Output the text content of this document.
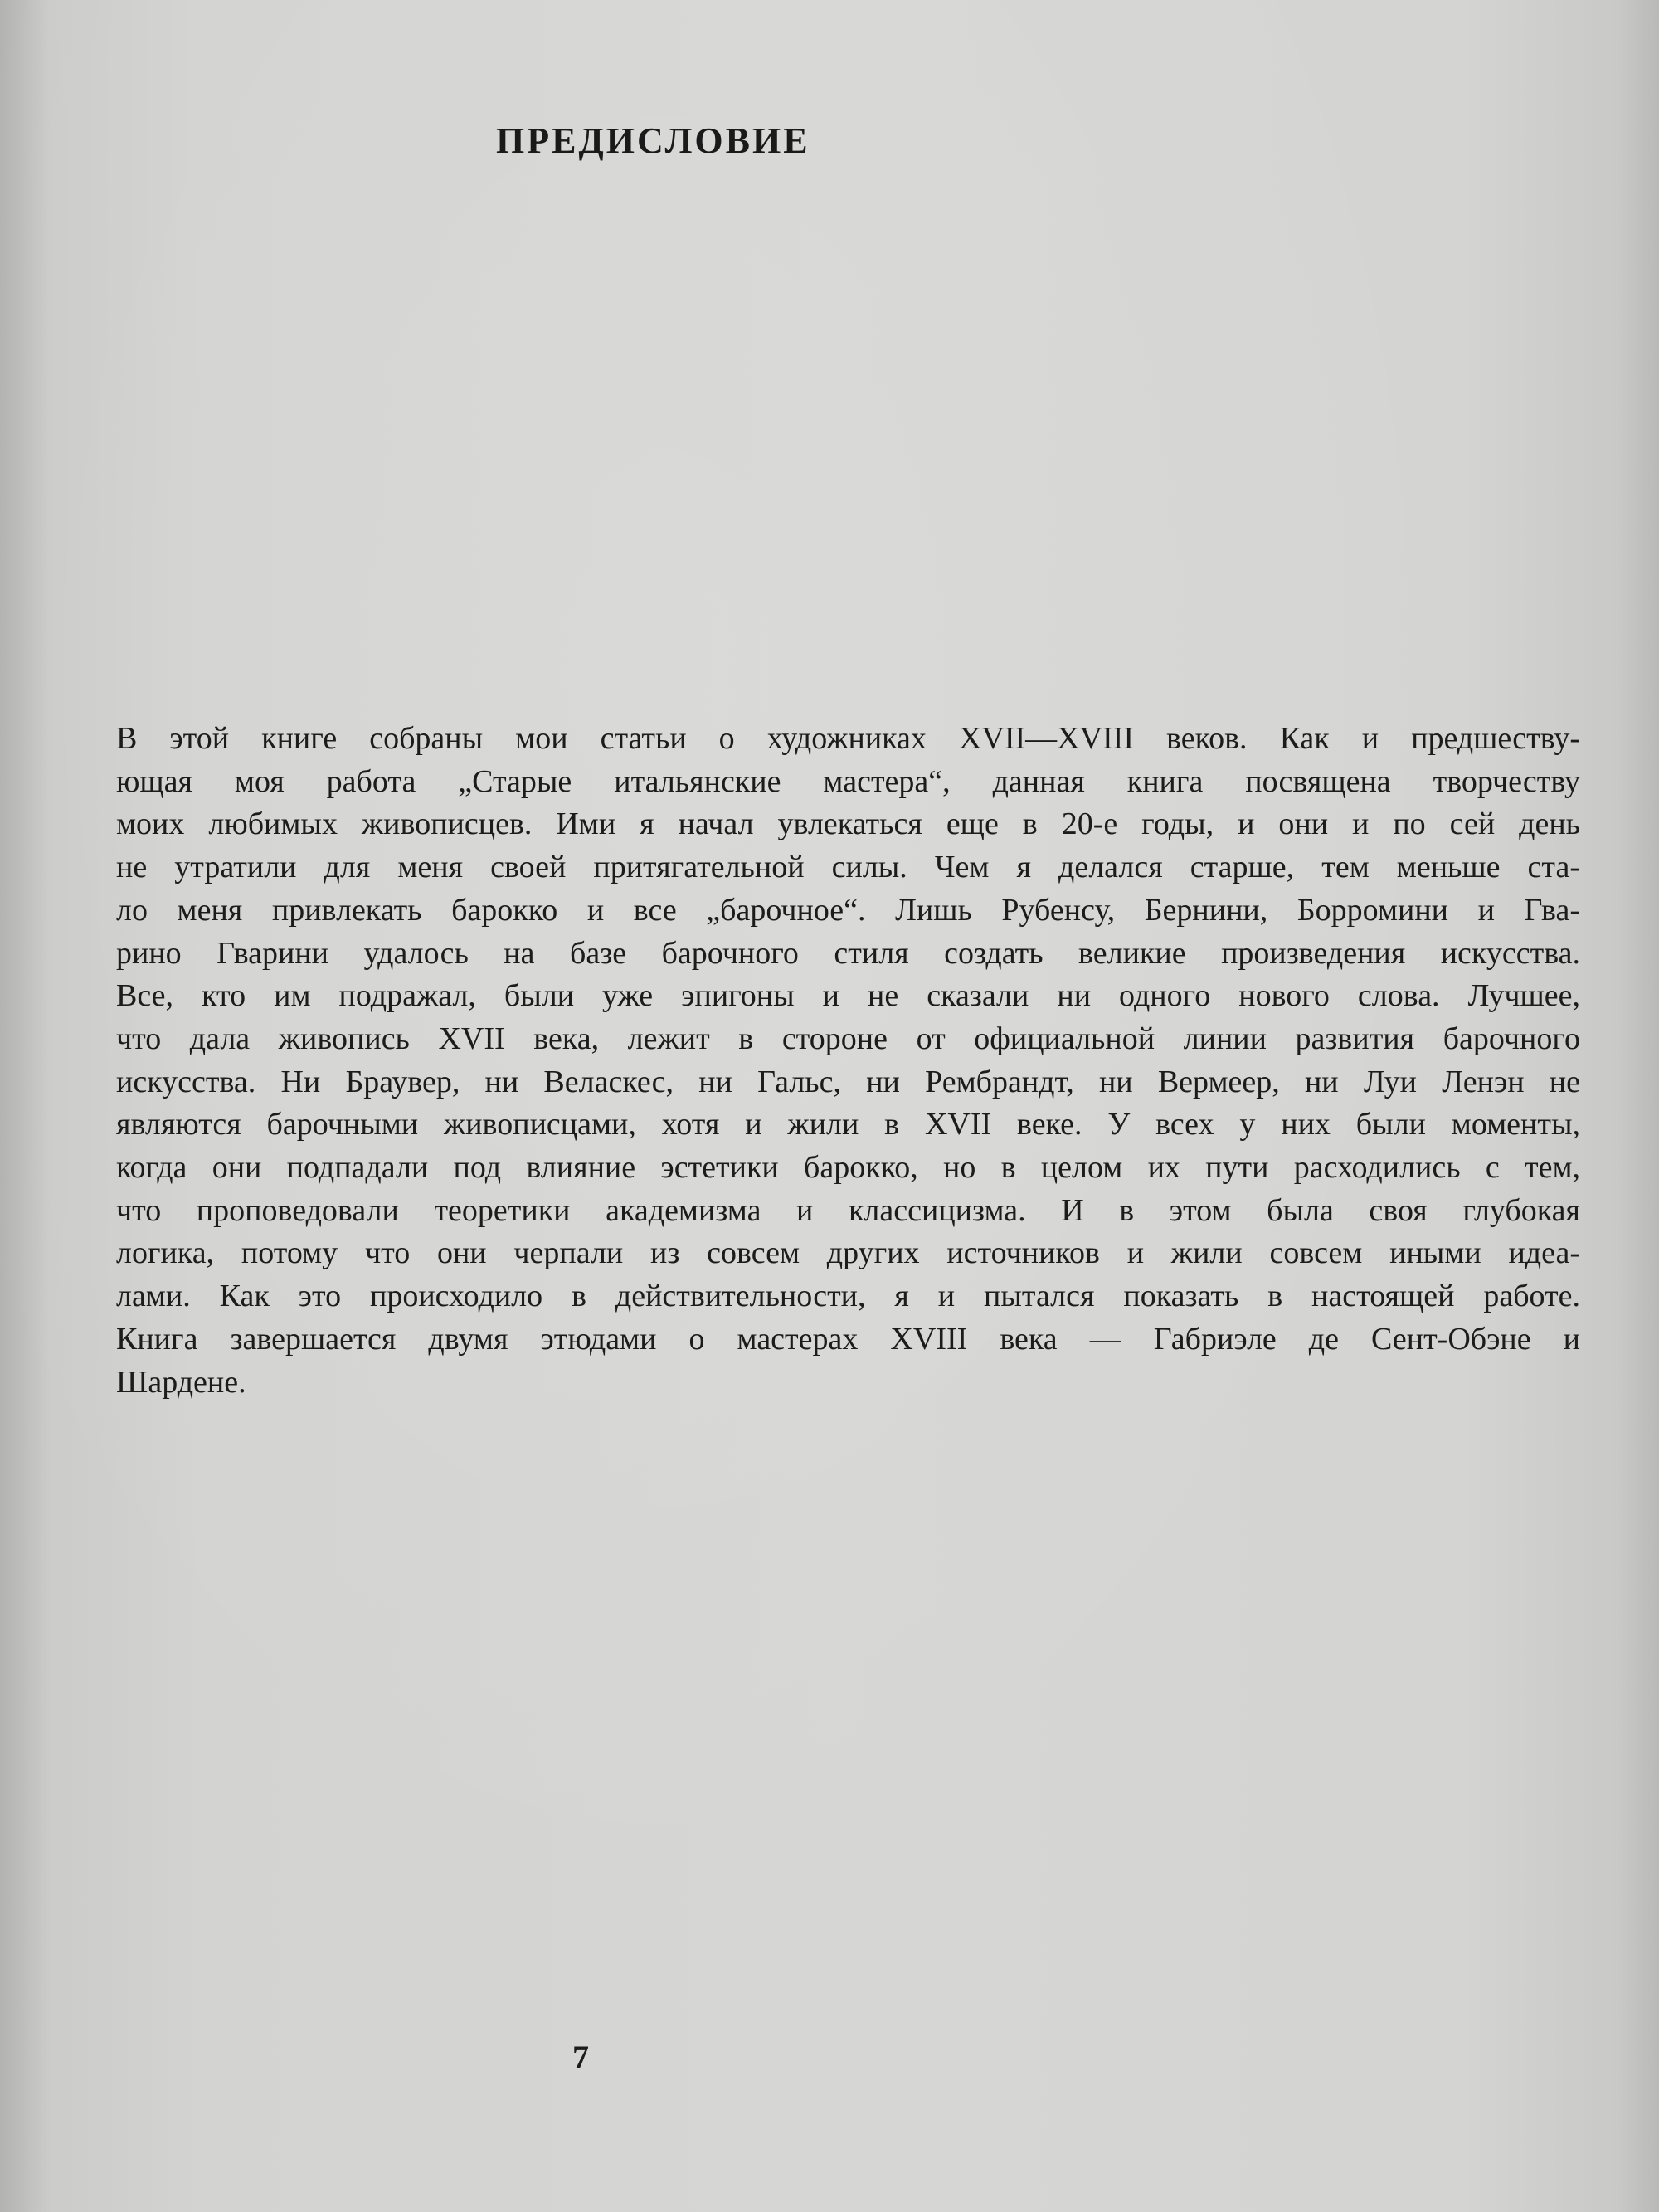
ПРЕДИСЛОВИЕ
В этой книге собраны мои статьи о художниках XVII—XVIII веков. Как и предшеству-
ющая моя работа „Старые итальянские мастера“, данная книга посвящена творчеству
моих любимых живописцев. Ими я начал увлекаться еще в 20-е годы, и они и по сей день
не утратили для меня своей притягательной силы. Чем я делался старше, тем меньше ста-
ло меня привлекать барокко и все „барочное“. Лишь Рубенсу, Бернини, Борромини и Гва-
рино Гварини удалось на базе барочного стиля создать великие произведения искусства.
Все, кто им подражал, были уже эпигоны и не сказали ни одного нового слова. Лучшее,
что дала живопись XVII века, лежит в стороне от официальной линии развития барочного
искусства. Ни Браувер, ни Веласкес, ни Гальс, ни Рембрандт, ни Вермеер, ни Луи Ленэн не
являются барочными живописцами, хотя и жили в XVII веке. У всех у них были моменты,
когда они подпадали под влияние эстетики барокко, но в целом их пути расходились с тем,
что проповедовали теоретики академизма и классицизма. И в этом была своя глубокая
логика, потому что они черпали из совсем других источников и жили совсем иными идеа-
лами. Как это происходило в действительности, я и пытался показать в настоящей работе.
Книга завершается двумя этюдами о мастерах XVIII века — Габриэле де Сент-Обэне и
Шардене.

7
